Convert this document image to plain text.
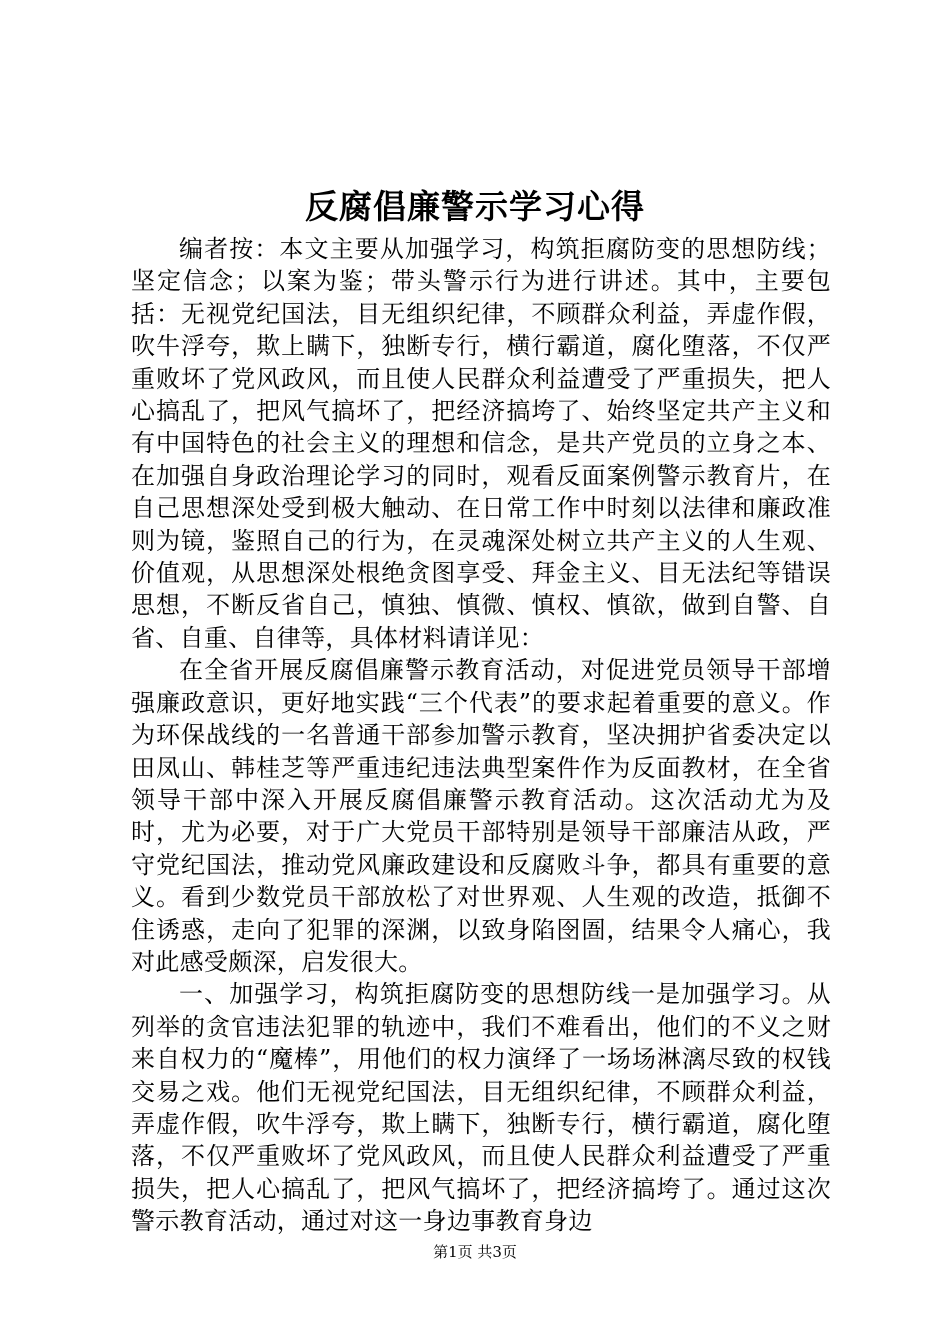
反腐倡廉警示学习心得

编者按：本文主要从加强学习，构筑拒腐防变的思想防线；坚定信念；以案为鉴；带头警示行为进行讲述。其中，主要包括：无视党纪国法，目无组织纪律，不顾群众利益，弄虚作假，吹牛浮夸，欺上瞒下，独断专行，横行霸道，腐化堕落，不仅严重败坏了党风政风，而且使人民群众利益遭受了严重损失，把人心搞乱了，把风气搞坏了，把经济搞垮了、始终坚定共产主义和有中国特色的社会主义的理想和信念，是共产党员的立身之本、在加强自身政治理论学习的同时，观看反面案例警示教育片，在自己思想深处受到极大触动、在日常工作中时刻以法律和廉政准则为镜，鉴照自己的行为，在灵魂深处树立共产主义的人生观、价值观，从思想深处根绝贪图享受、拜金主义、目无法纪等错误思想，不断反省自己，慎独、慎微、慎权、慎欲，做到自警、自省、自重、自律等，具体材料请详见：

在全省开展反腐倡廉警示教育活动，对促进党员领导干部增强廉政意识，更好地实践“三个代表”的要求起着重要的意义。作为环保战线的一名普通干部参加警示教育，坚决拥护省委决定以田凤山、韩桂芝等严重违纪违法典型案件作为反面教材，在全省领导干部中深入开展反腐倡廉警示教育活动。这次活动尤为及时，尤为必要，对于广大党员干部特别是领导干部廉洁从政，严守党纪国法，推动党风廉政建设和反腐败斗争，都具有重要的意义。看到少数党员干部放松了对世界观、人生观的改造，抵御不住诱惑，走向了犯罪的深渊，以致身陷囹圄，结果令人痛心，我对此感受颇深，启发很大。

一、加强学习，构筑拒腐防变的思想防线一是加强学习。从列举的贪官违法犯罪的轨迹中，我们不难看出，他们的不义之财来自权力的“魔棒”，用他们的权力演绎了一场场淋漓尽致的权钱交易之戏。他们无视党纪国法，目无组织纪律，不顾群众利益，弄虚作假，吹牛浮夸，欺上瞒下，独断专行，横行霸道，腐化堕落，不仅严重败坏了党风政风，而且使人民群众利益遭受了严重损失，把人心搞乱了，把风气搞坏了，把经济搞垮了。通过这次警示教育活动，通过对这一身边事教育身边

第1页 共3页
